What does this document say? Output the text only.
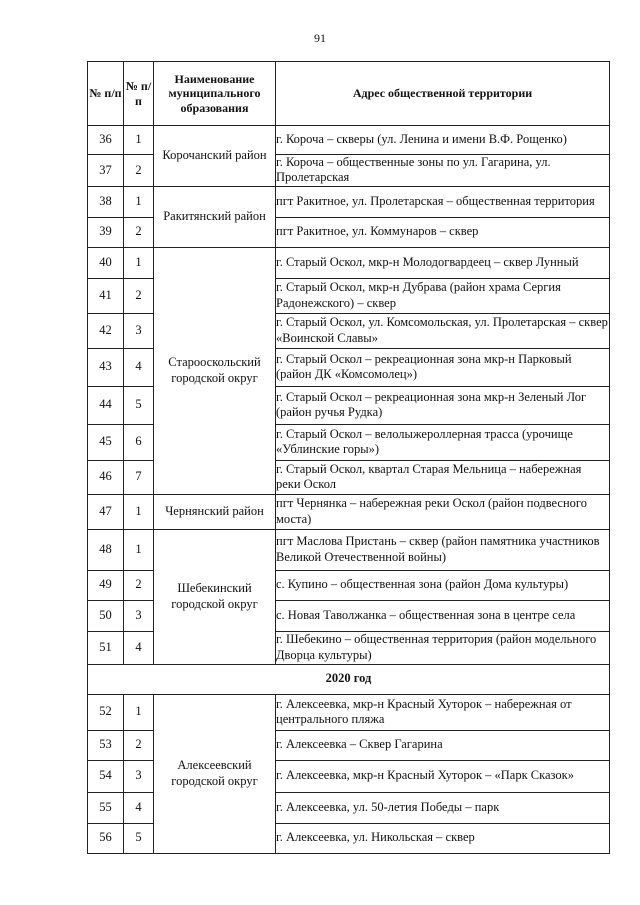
91
№ п/п	№ п/п	Наименование муниципального образования	Адрес общественной территории
36	1	Корочанский район	г. Короча – скверы (ул. Ленина и имени В.Ф. Рощенко)
37	2		г. Короча – общественные зоны по ул. Гагарина, ул. Пролетарская
38	1	Ракитянский район	пгт Ракитное, ул. Пролетарская – общественная территория
39	2		пгт Ракитное, ул. Коммунаров – сквер
40	1	Старооскольский городской округ	г. Старый Оскол, мкр-н Молодогвардеец – сквер Лунный
41	2		г. Старый Оскол, мкр-н Дубрава (район храма Сергия Радонежского) – сквер
42	3		г. Старый Оскол, ул. Комсомольская, ул. Пролетарская – сквер «Воинской Славы»
43	4		г. Старый Оскол – рекреационная зона мкр-н Парковый (район ДК «Комсомолец»)
44	5		г. Старый Оскол – рекреационная зона мкр-н Зеленый Лог (район ручья Рудка)
45	6		г. Старый Оскол – велолыжероллерная трасса (урочище «Ублинские горы»)
46	7		г. Старый Оскол, квартал Старая Мельница – набережная реки Оскол
47	1	Чернянский район	пгт Чернянка – набережная реки Оскол (район подвесного моста)
48	1	Шебекинский городской округ	пгт Маслова Пристань – сквер (район памятника участников Великой Отечественной войны)
49	2		с. Купино – общественная зона (район Дома культуры)
50	3		с. Новая Таволжанка – общественная зона в центре села
51	4		г. Шебекино – общественная территория (район модельного Дворца культуры)
2020 год			
52	1	Алексеевский городской округ	г. Алексеевка, мкр-н Красный Хуторок – набережная от центрального пляжа
53	2		г. Алексеевка – Сквер Гагарина
54	3		г. Алексеевка, мкр-н Красный Хуторок – «Парк Сказок»
55	4		г. Алексеевка, ул. 50-летия Победы – парк
56	5		г. Алексеевка, ул. Никольская – сквер
